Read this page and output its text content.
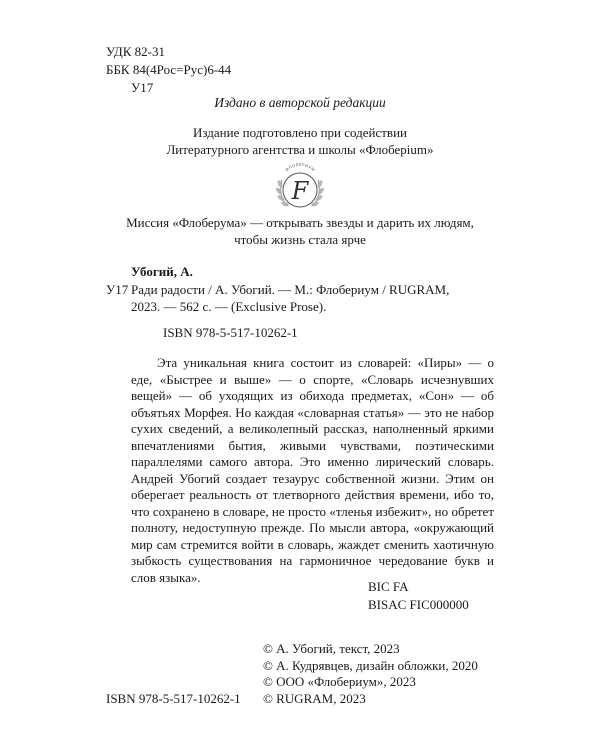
УДК 82-31
ББК 84(4Рос=Рус)6-44
У17
Издано в авторской редакции
Издание подготовлено при содействии
Литературного агентства и школы «Флоберium»
ФЛОБЕРИУМ
F
Миссия «Флоберума» — открывать звезды и дарить их людям,
чтобы жизнь стала ярче
Убогий, А.
У17 Ради радости / А. Убогий. — М.: Флобериум / RUGRAM,
2023. — 562 с. — (Exclusive Prose).
ISBN 978-5-517-10262-1

Эта уникальная книга состоит из словарей: «Пиры» — о еде, «Быстрее и выше» — о спорте, «Словарь исчезнувших вещей» — об уходящих из обихода предметах, «Сон» — об объятьях Морфея. Но каждая «словарная статья» — это не набор сухих сведений, а великолепный рассказ, наполненный яркими впечатлениями бытия, живыми чувствами, поэтическими параллелями самого автора. Это именно лирический словарь. Андрей Убогий создает тезаурус собственной жизни. Этим он оберегает реальность от тлетворного действия времени, ибо то, что сохранено в словаре, не просто «тленья избежит», но обретет полноту, недоступную прежде. По мысли автора, «окружающий мир сам стремится войти в словарь, жаждет сменить хаотичную зыбкость существования на гармоничное чередование букв и слов языка».

BIC FA
BISAC FIC000000
© А. Убогий, текст, 2023
© А. Кудрявцев, дизайн обложки, 2020
© ООО «Флобериум», 2023
© RUGRAM, 2023
ISBN 978-5-517-10262-1
